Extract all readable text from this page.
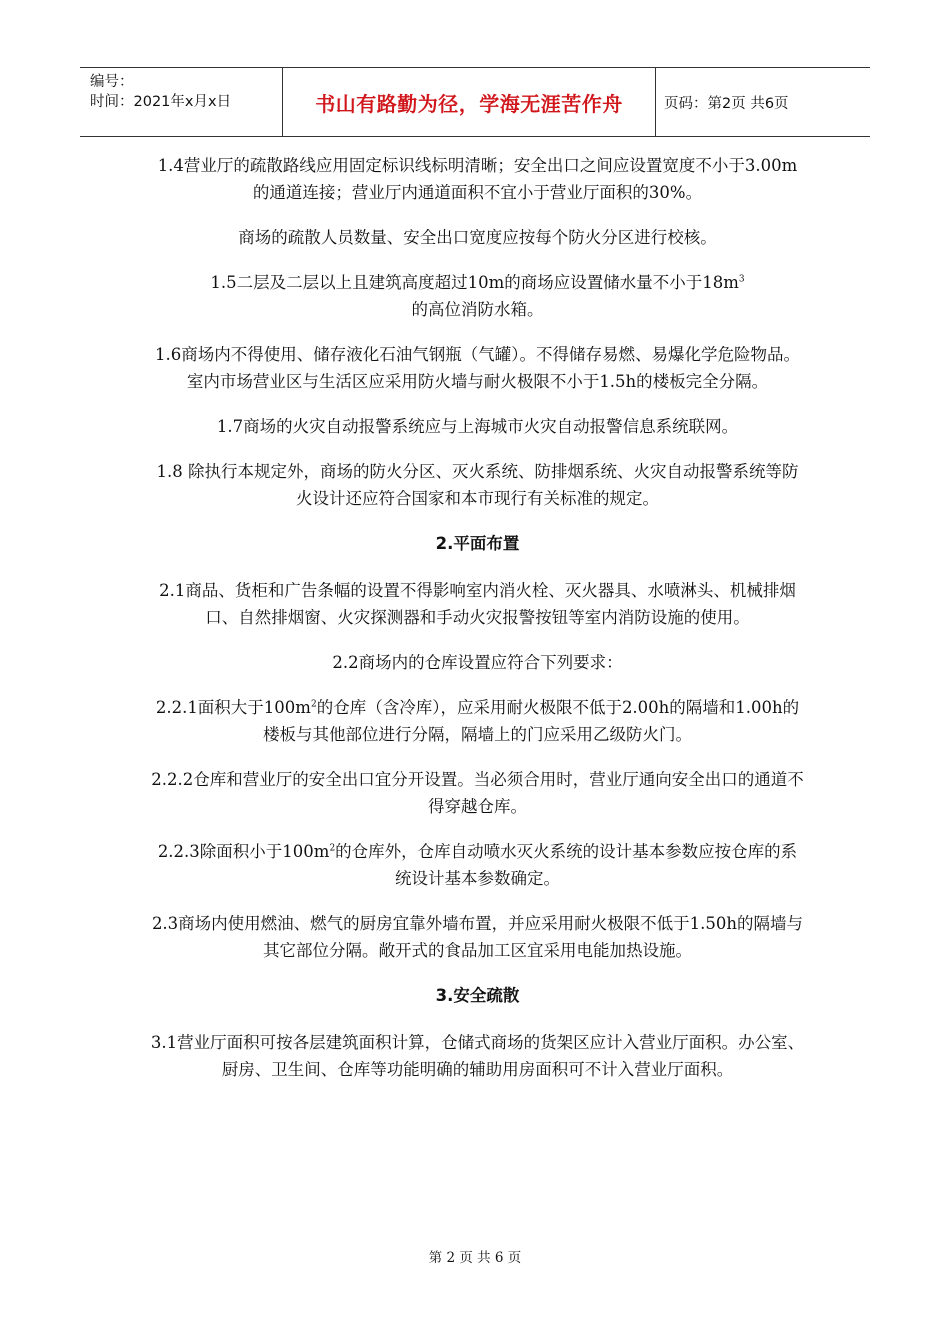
编号：
时间：2021年x月x日	书山有路勤为径，学海无涯苦作舟	页码：第2页 共6页

1.4营业厅的疏散路线应用固定标识线标明清晰；安全出口之间应设置宽度不小于3.00m的通道连接；营业厅内通道面积不宜小于营业厅面积的30%。

商场的疏散人员数量、安全出口宽度应按每个防火分区进行校核。

1.5二层及二层以上且建筑高度超过10m的商场应设置储水量不小于$18m^3$
的高位消防水箱。

1.6商场内不得使用、储存液化石油气钢瓶（气罐）。不得储存易燃、易爆化学危险物品。室内市场营业区与生活区应采用防火墙与耐火极限不小于1.5h的楼板完全分隔。

1.7商场的火灾自动报警系统应与上海城市火灾自动报警信息系统联网。

1.8 除执行本规定外，商场的防火分区、灭火系统、防排烟系统、火灾自动报警系统等防火设计还应符合国家和本市现行有关标准的规定。

2.平面布置

2.1商品、货柜和广告条幅的设置不得影响室内消火栓、灭火器具、水喷淋头、机械排烟口、自然排烟窗、火灾探测器和手动火灾报警按钮等室内消防设施的使用。

2.2商场内的仓库设置应符合下列要求：

2.2.1面积大于$100m^2$的仓库（含冷库），应采用耐火极限不低于2.00h的隔墙和1.00h的楼板与其他部位进行分隔，隔墙上的门应采用乙级防火门。

2.2.2仓库和营业厅的安全出口宜分开设置。当必须合用时，营业厅通向安全出口的通道不得穿越仓库。

2.2.3除面积小于$100m^2$的仓库外，仓库自动喷水灭火系统的设计基本参数应按仓库的系统设计基本参数确定。

2.3商场内使用燃油、燃气的厨房宜靠外墙布置，并应采用耐火极限不低于1.50h的隔墙与其它部位分隔。敞开式的食品加工区宜采用电能加热设施。

3.安全疏散

3.1营业厅面积可按各层建筑面积计算，仓储式商场的货架区应计入营业厅面积。办公室、厨房、卫生间、仓库等功能明确的辅助用房面积可不计入营业厅面积。

第 2 页 共 6 页
